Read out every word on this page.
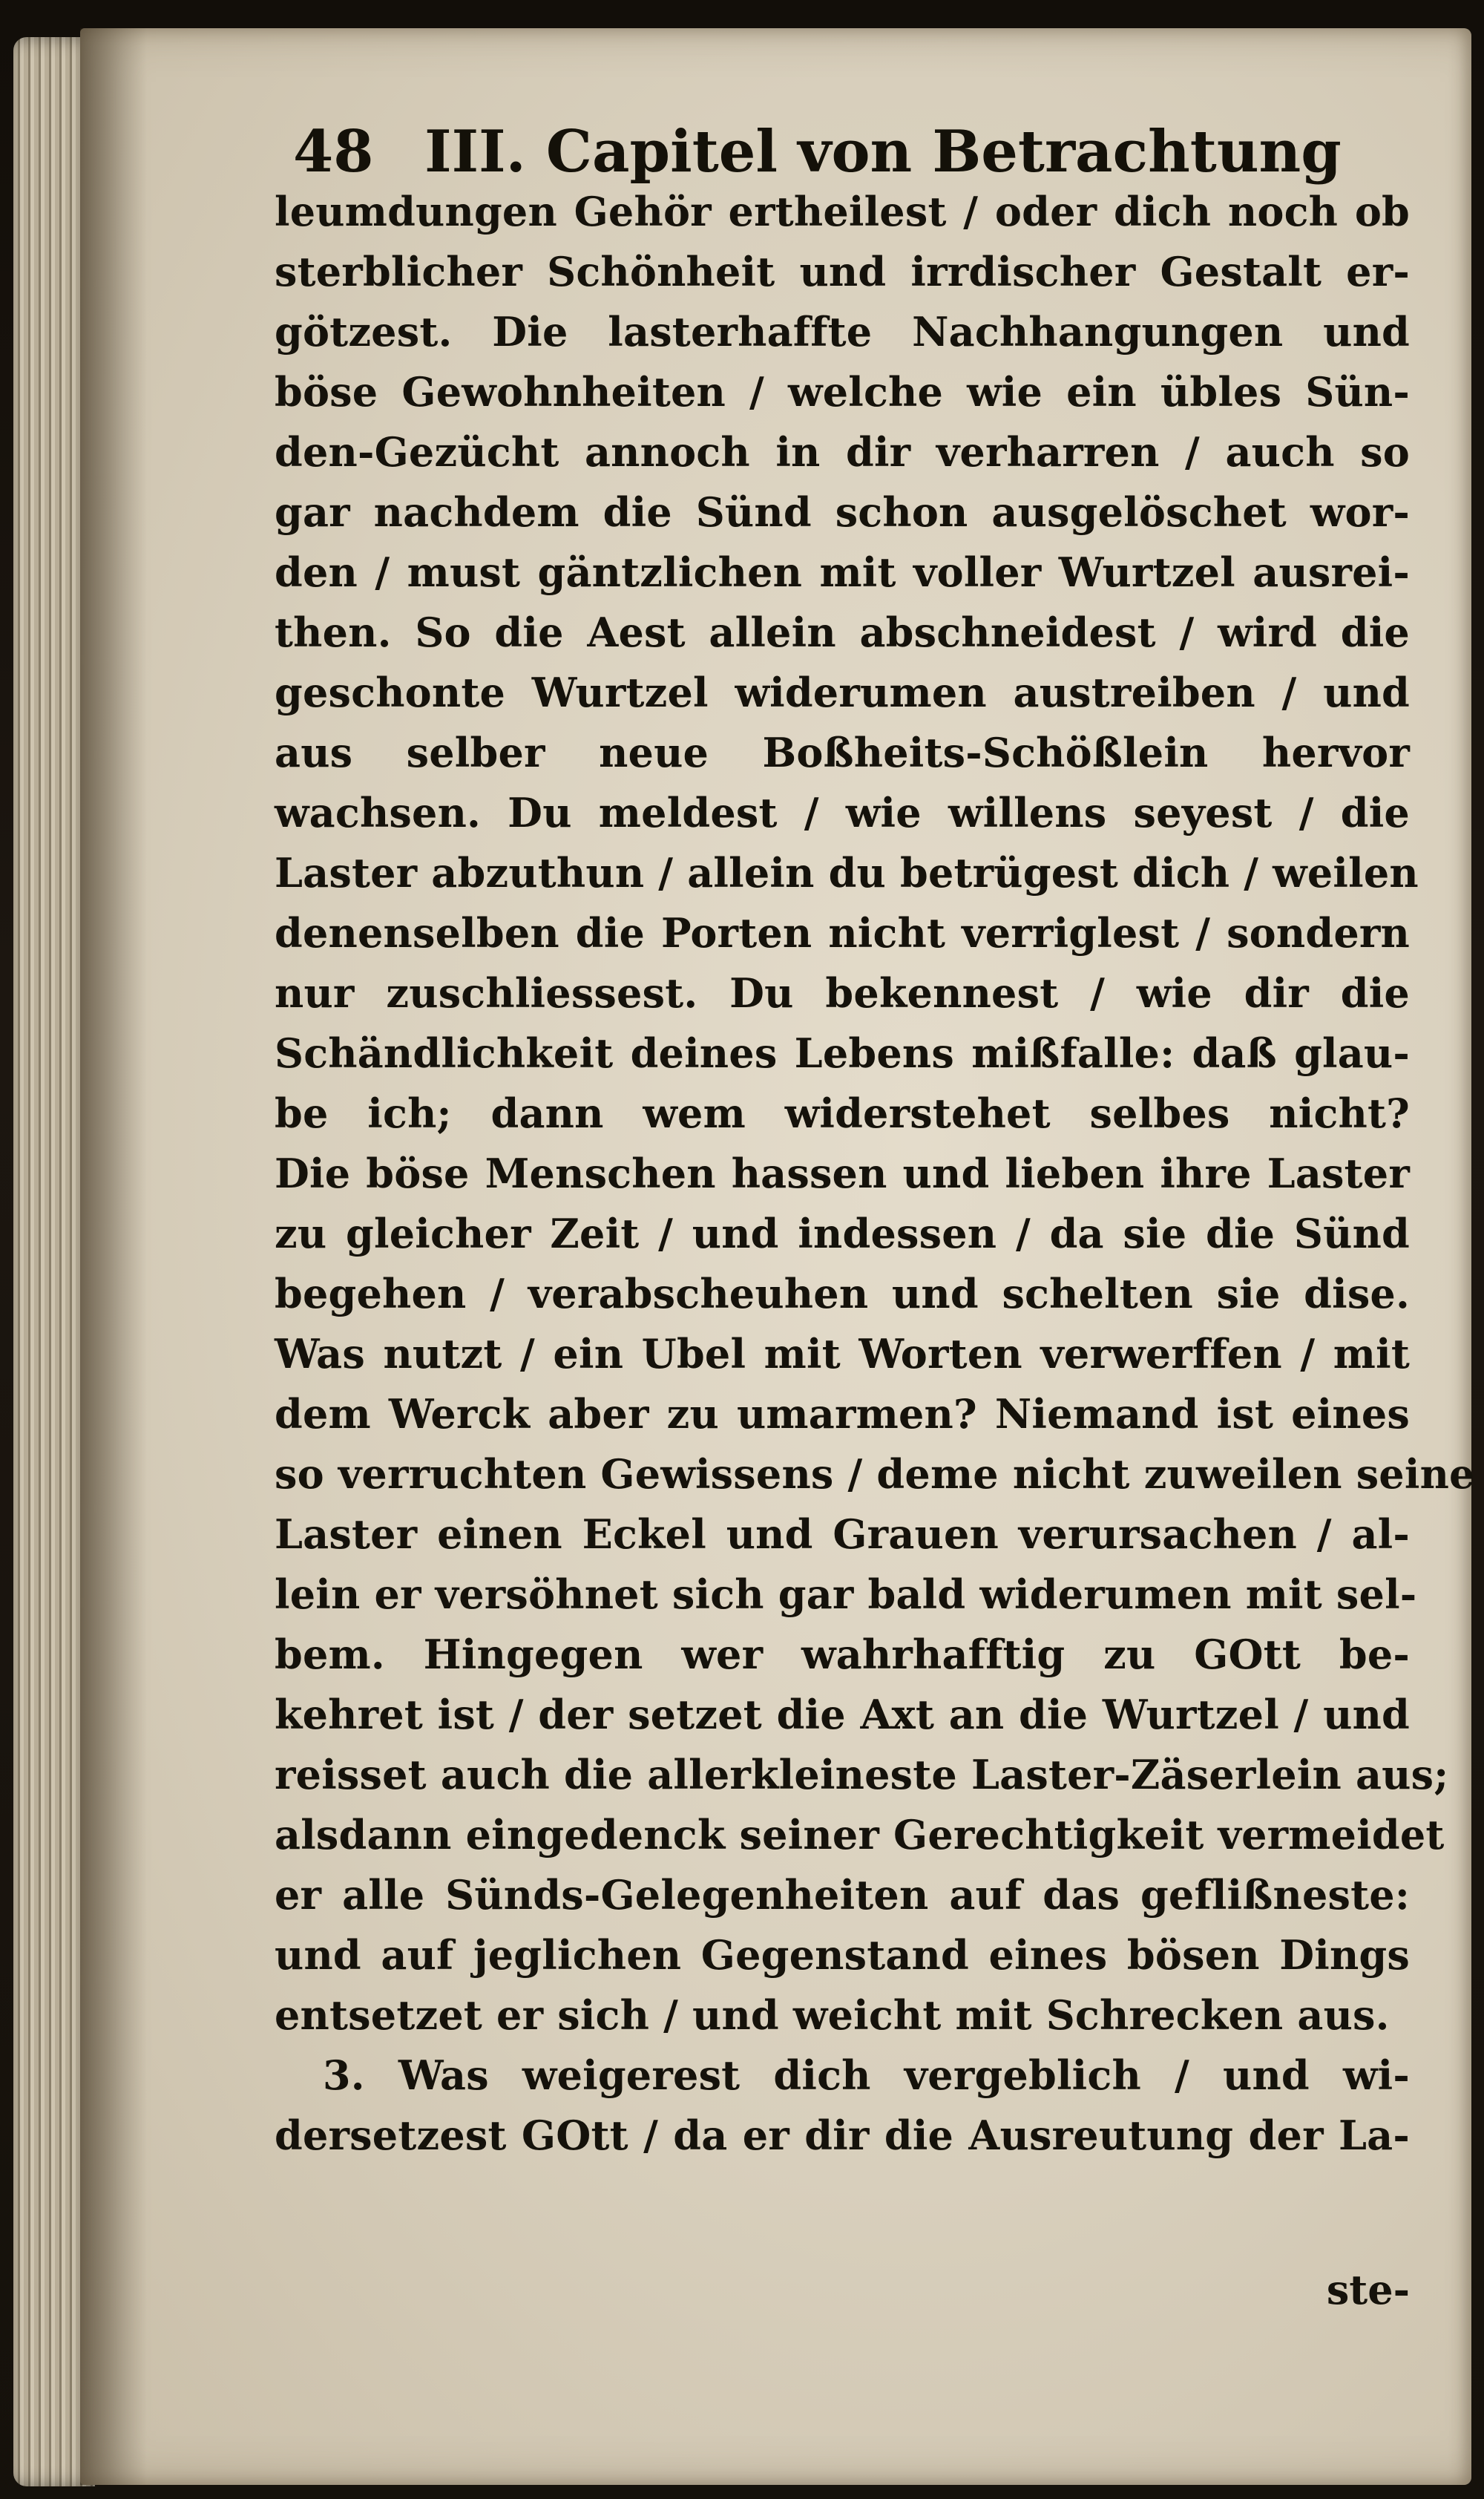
48 III. Capitel von Betrachtung
leumdungen Gehör ertheilest / oder dich noch ob
sterblicher Schönheit und irrdischer Gestalt er-
götzest. Die lasterhaffte Nachhangungen und
böse Gewohnheiten / welche wie ein übles Sün-
den-Gezücht annoch in dir verharren / auch so
gar nachdem die Sünd schon ausgelöschet wor-
den / must gäntzlichen mit voller Wurtzel ausrei-
then. So die Aest allein abschneidest / wird die
geschonte Wurtzel widerumen austreiben / und
aus selber neue Boßheits-Schößlein hervor
wachsen. Du meldest / wie willens seyest / die
Laster abzuthun / allein du betrügest dich / weilen
denenselben die Porten nicht verriglest / sondern
nur zuschliessest. Du bekennest / wie dir die
Schändlichkeit deines Lebens mißfalle: daß glau-
be ich; dann wem widerstehet selbes nicht?
Die böse Menschen hassen und lieben ihre Laster
zu gleicher Zeit / und indessen / da sie die Sünd
begehen / verabscheuhen und schelten sie dise.
Was nutzt / ein Ubel mit Worten verwerffen / mit
dem Werck aber zu umarmen? Niemand ist eines
so verruchten Gewissens / deme nicht zuweilen seine
Laster einen Eckel und Grauen verursachen / al-
lein er versöhnet sich gar bald widerumen mit sel-
bem. Hingegen wer wahrhafftig zu GOtt be-
kehret ist / der setzet die Axt an die Wurtzel / und
reisset auch die allerkleineste Laster-Zäserlein aus;
alsdann eingedenck seiner Gerechtigkeit vermeidet
er alle Sünds-Gelegenheiten auf das geflißneste:
und auf jeglichen Gegenstand eines bösen Dings
entsetzet er sich / und weicht mit Schrecken aus.
3. Was weigerest dich vergeblich / und wi-
dersetzest GOtt / da er dir die Ausreutung der La-
ste-
